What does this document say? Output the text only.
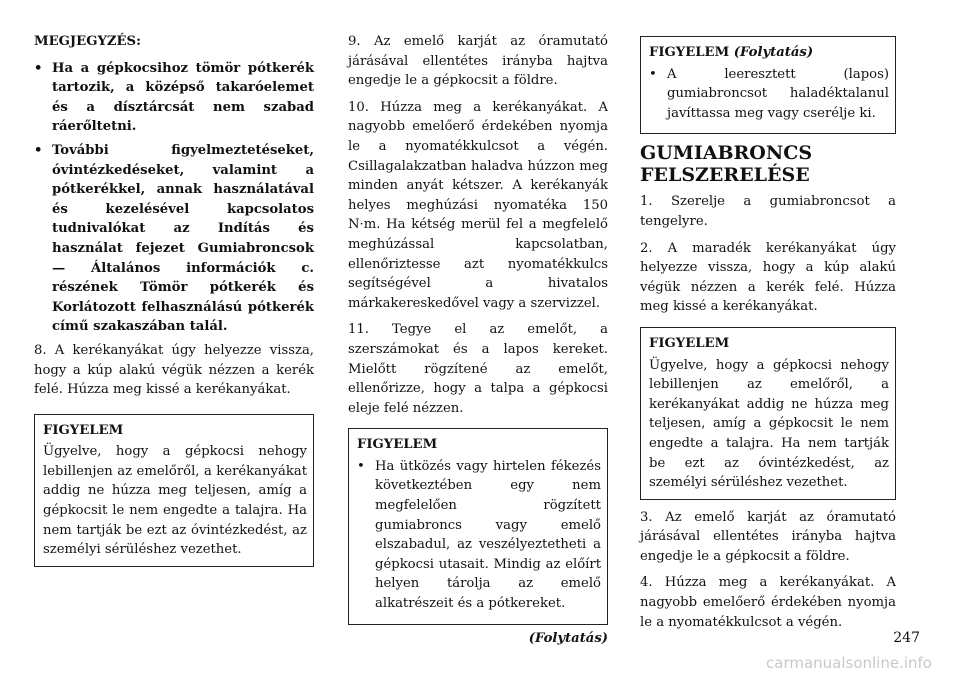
MEGJEGYZÉS:

• Ha a gépkocsihoz tömör pótkerék tartozik, a középső takaróelemet és a dísztárcsát nem szabad ráerőltetni.
• További figyelmeztetéseket, óvintézkedéseket, valamint a pótkerékkel, annak használatával és kezelésével kapcsolatos tudnivalókat az Indítás és használat fejezet Gumiabroncsok — Általános információk c. részének Tömör pótkerék és Korlátozott felhasználású pótkerék című szakaszában talál.

8. A kerékanyákat úgy helyezze vissza, hogy a kúp alakú végük nézzen a kerék felé. Húzza meg kissé a kerékanyákat.

FIGYELEM

Ügyelve, hogy a gépkocsi nehogy lebillenjen az emelőről, a kerékanyákat addig ne húzza meg teljesen, amíg a gépkocsit le nem engedte a talajra. Ha nem tartják be ezt az óvintézkedést, az személyi sérüléshez vezethet.

9. Az emelő karját az óramutató járásával ellentétes irányba hajtva engedje le a gépkocsit a földre.

10. Húzza meg a kerékanyákat. A nagyobb emelőerő érdekében nyomja le a nyomatékkulcsot a végén. Csillagalakzatban haladva húzzon meg minden anyát kétszer. A kerékanyák helyes meghúzási nyomatéka 150 N·m. Ha kétség merül fel a megfelelő meghúzással kapcsolatban, ellenőriztesse azt nyomatékkulcs segítségével a hivatalos márkakereskedővel vagy a szervizzel.

11. Tegye el az emelőt, a szerszámokat és a lapos kereket. Mielőtt rögzítené az emelőt, ellenőrizze, hogy a talpa a gépkocsi eleje felé nézzen.

FIGYELEM
• Ha ütközés vagy hirtelen fékezés következtében egy nem megfelelően rögzített gumiabroncs vagy emelő elszabadul, az veszélyeztetheti a gépkocsi utasait. Mindig az előírt helyen tárolja az emelő alkatrészeit és a pótkereket.

(Folytatás)

FIGYELEM (Folytatás)
• A leeresztett (lapos) gumiabroncsot haladéktalanul javíttassa meg vagy cserélje ki.
GUMIABRONCS FELSZERELÉSE

1. Szerelje a gumiabroncsot a tengelyre.

2. A maradék kerékanyákat úgy helyezze vissza, hogy a kúp alakú végük nézzen a kerék felé. Húzza meg kissé a kerékanyákat.

FIGYELEM

Ügyelve, hogy a gépkocsi nehogy lebillenjen az emelőről, a kerékanyákat addig ne húzza meg teljesen, amíg a gépkocsit le nem engedte a talajra. Ha nem tartják be ezt az óvintézkedést, az személyi sérüléshez vezethet.

3. Az emelő karját az óramutató járásával ellentétes irányba hajtva engedje le a gépkocsit a földre.

4. Húzza meg a kerékanyákat. A nagyobb emelőerő érdekében nyomja le a nyomatékkulcsot a végén.

247
carmanualsonline.info
